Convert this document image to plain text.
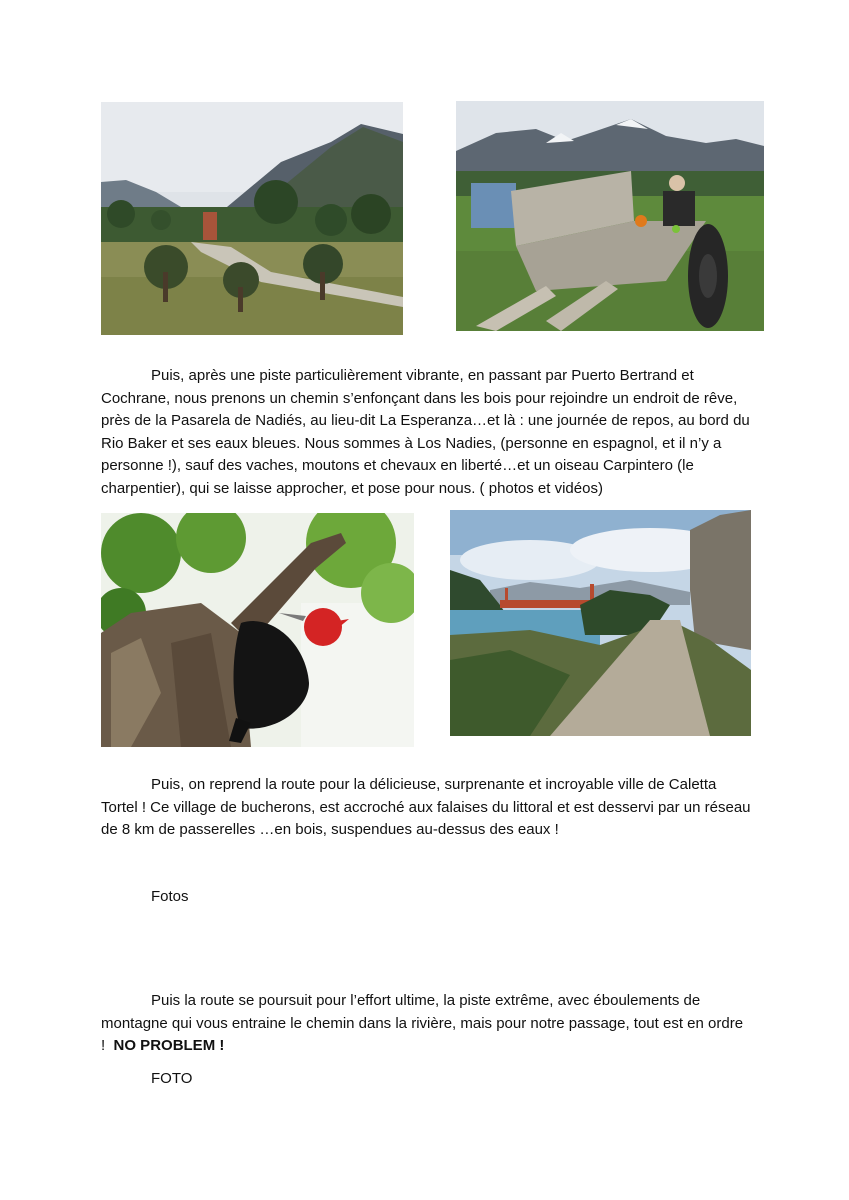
Puis, après une piste particulièrement vibrante, en passant par Puerto Bertrand et Cochrane, nous prenons un chemin s’enfonçant dans les bois pour rejoindre un endroit de rêve, près de la Pasarela de Nadiés, au lieu-dit La Esperanza…et là : une journée de repos, au bord du Rio Baker et ses eaux bleues. Nous sommes à Los Nadies, (personne en espagnol, et il n’y a personne !), sauf des vaches, moutons et chevaux en liberté…et un oiseau Carpintero (le charpentier), qui se laisse approcher, et pose pour nous. ( photos et vidéos)

Puis, on reprend la route pour la délicieuse, surprenante et incroyable ville de Caletta Tortel ! Ce village de bucherons, est accroché aux falaises du littoral et est desservi par un réseau de 8 km de passerelles …en bois, suspendues au-dessus des eaux !

Fotos

Puis la route se poursuit pour l’effort ultime, la piste extrême, avec éboulements de montagne qui vous entraine le chemin dans la rivière, mais pour notre passage, tout est en ordre ! NO PROBLEM !

FOTO
